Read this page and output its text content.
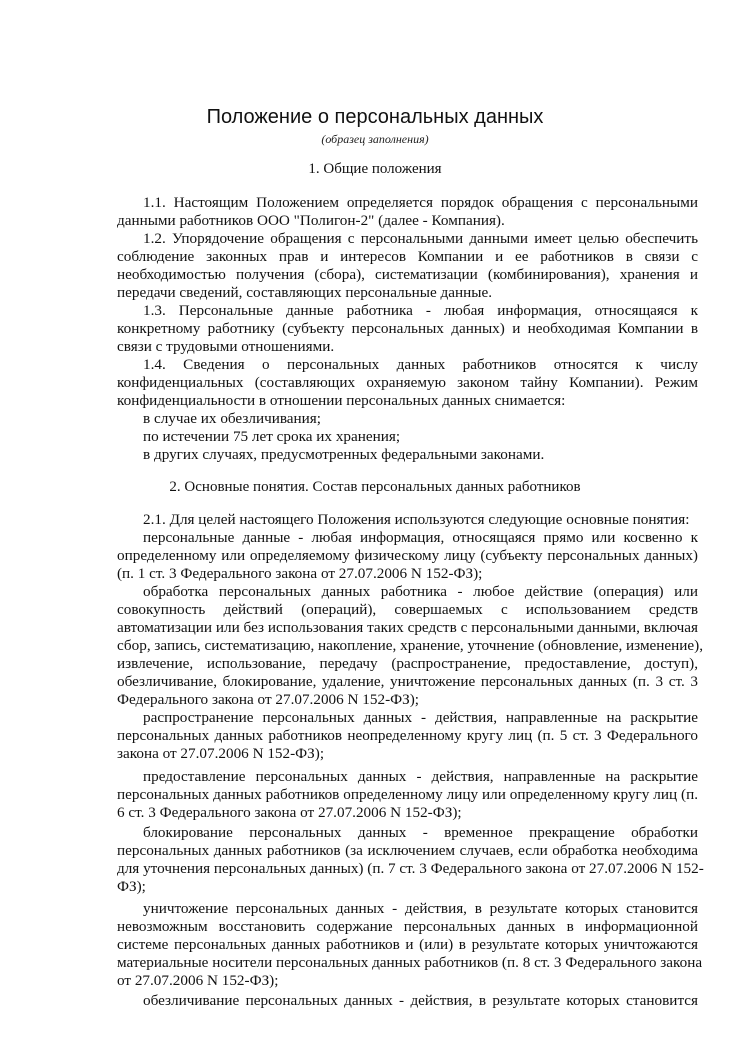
Положение о персональных данных
(образец заполнения)
1. Общие положения
1.1. Настоящим Положением определяется порядок обращения с персональными
данными работников ООО "Полигон-2" (далее - Компания).
1.2. Упорядочение обращения с персональными данными имеет целью обеспечить
соблюдение законных прав и интересов Компании и ее работников в связи с
необходимостью получения (сбора), систематизации (комбинирования), хранения и
передачи сведений, составляющих персональные данные.
1.3. Персональные данные работника - любая информация, относящаяся к
конкретному работнику (субъекту персональных данных) и необходимая Компании в
связи с трудовыми отношениями.
1.4. Сведения о персональных данных работников относятся к числу
конфиденциальных (составляющих охраняемую законом тайну Компании). Режим
конфиденциальности в отношении персональных данных снимается:
в случае их обезличивания;
по истечении 75 лет срока их хранения;
в других случаях, предусмотренных федеральными законами.
2. Основные понятия. Состав персональных данных работников
2.1. Для целей настоящего Положения используются следующие основные понятия:
персональные данные - любая информация, относящаяся прямо или косвенно к
определенному или определяемому физическому лицу (субъекту персональных данных)
(п. 1 ст. 3 Федерального закона от 27.07.2006 N 152-ФЗ);
обработка персональных данных работника - любое действие (операция) или
совокупность действий (операций), совершаемых с использованием средств
автоматизации или без использования таких средств с персональными данными, включая
сбор, запись, систематизацию, накопление, хранение, уточнение (обновление, изменение),
извлечение, использование, передачу (распространение, предоставление, доступ),
обезличивание, блокирование, удаление, уничтожение персональных данных (п. 3 ст. 3
Федерального закона от 27.07.2006 N 152-ФЗ);
распространение персональных данных - действия, направленные на раскрытие
персональных данных работников неопределенному кругу лиц (п. 5 ст. 3 Федерального
закона от 27.07.2006 N 152-ФЗ);
предоставление персональных данных - действия, направленные на раскрытие
персональных данных работников определенному лицу или определенному кругу лиц (п.
6 ст. 3 Федерального закона от 27.07.2006 N 152-ФЗ);
блокирование персональных данных - временное прекращение обработки
персональных данных работников (за исключением случаев, если обработка необходима
для уточнения персональных данных) (п. 7 ст. 3 Федерального закона от 27.07.2006 N 152-
ФЗ);
уничтожение персональных данных - действия, в результате которых становится
невозможным восстановить содержание персональных данных в информационной
системе персональных данных работников и (или) в результате которых уничтожаются
материальные носители персональных данных работников (п. 8 ст. 3 Федерального закона
от 27.07.2006 N 152-ФЗ);
обезличивание персональных данных - действия, в результате которых становится
